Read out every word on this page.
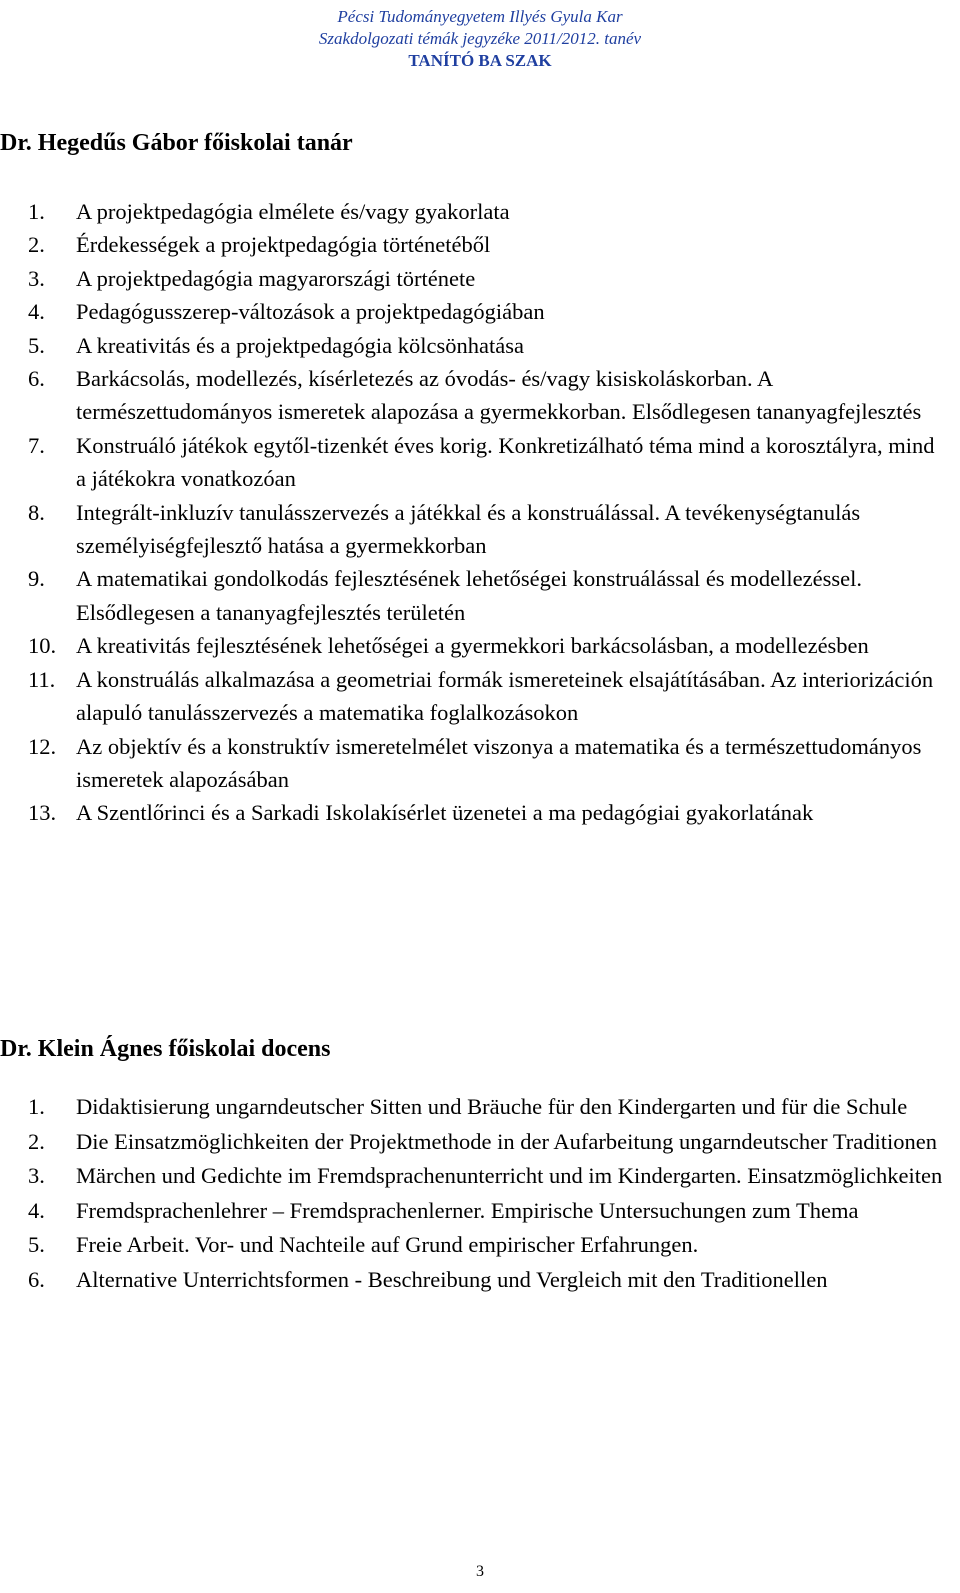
Pécsi Tudományegyetem Illyés Gyula Kar
Szakdolgozati témák jegyzéke 2011/2012. tanév
TANÍTÓ BA SZAK
Dr. Hegedűs Gábor főiskolai tanár
1. A projektpedagógia elmélete és/vagy gyakorlata
2. Érdekességek a projektpedagógia történetéből
3. A projektpedagógia magyarországi története
4. Pedagógusszerep-változások a projektpedagógiában
5. A kreativitás és a projektpedagógia kölcsönhatása
6. Barkácsolás, modellezés, kísérletezés az óvodás- és/vagy kisiskoláskorban. A természettudományos ismeretek alapozása a gyermekkorban. Elsődlegesen tananyagfejlesztés
7. Konstruáló játékok egytől-tizenkét éves korig. Konkretizálható téma mind a korosztályra, mind a játékokra vonatkozóan
8. Integrált-inkluzív tanulásszervezés a játékkal és a konstruálással. A tevékenységtanulás személyiségfejlesztő hatása a gyermekkorban
9. A matematikai gondolkodás fejlesztésének lehetőségei konstruálással és modellezéssel. Elsődlegesen a tananyagfejlesztés területén
10. A kreativitás fejlesztésének lehetőségei a gyermekkori barkácsolásban, a modellezésben
11. A konstruálás alkalmazása a geometriai formák ismereteinek elsajátításában. Az interiorizáción alapuló tanulásszervezés a matematika foglalkozásokon
12. Az objektív és a konstruktív ismeretelmélet viszonya a matematika és a természettudományos ismeretek alapozásában
13. A Szentlőrinci és a Sarkadi Iskolakísérlet üzenetei a ma pedagógiai gyakorlatának
Dr. Klein Ágnes főiskolai docens
1. Didaktisierung ungarndeutscher Sitten und Bräuche für den Kindergarten und für die Schule
2. Die Einsatzmöglichkeiten der Projektmethode in der Aufarbeitung ungarndeutscher Traditionen
3. Märchen und Gedichte im Fremdsprachenunterricht und im Kindergarten. Einsatzmöglichkeiten
4. Fremdsprachenlehrer – Fremdsprachenlerner. Empirische Untersuchungen zum Thema
5. Freie Arbeit. Vor- und Nachteile auf Grund empirischer Erfahrungen.
6. Alternative Unterrichtsformen - Beschreibung und Vergleich mit den Traditionellen
3
